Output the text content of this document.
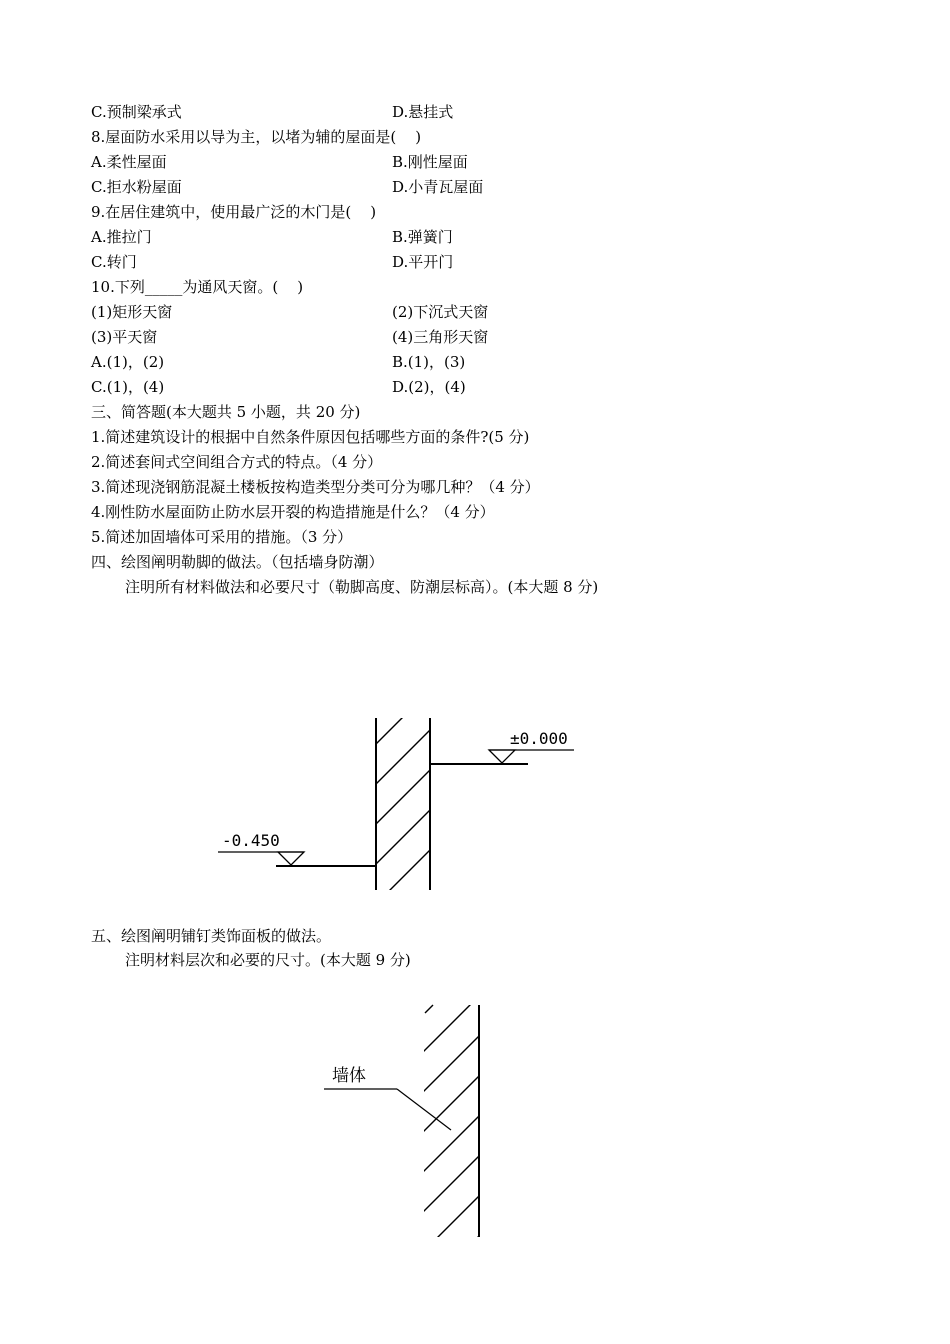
C.预制梁承式	D.悬挂式
8.屋面防水采用以导为主，以堵为辅的屋面是(    )
A.柔性屋面	B.刚性屋面
C.拒水粉屋面	D.小青瓦屋面
9.在居住建筑中，使用最广泛的木门是(    )
A.推拉门	B.弹簧门
C.转门	D.平开门
10.下列_____为通风天窗。(    )
(1)矩形天窗	(2)下沉式天窗
(3)平天窗	(4)三角形天窗
A.(1)，(2)	B.(1)，(3)
C.(1)，(4)	D.(2)，(4)
三、简答题(本大题共 5 小题，共 20 分)
1.简述建筑设计的根据中自然条件原因包括哪些方面的条件?(5 分)
2.简述套间式空间组合方式的特点。（4 分）
3.简述现浇钢筋混凝土楼板按构造类型分类可分为哪几种？（4 分）
4.刚性防水屋面防止防水层开裂的构造措施是什么？（4 分）
5.简述加固墙体可采用的措施。（3 分）
四、绘图阐明勒脚的做法。（包括墙身防潮）
注明所有材料做法和必要尺寸（勒脚高度、防潮层标高）。(本大题 8 分)
±0.000
-0.450
墙体
五、绘图阐明铺钉类饰面板的做法。
注明材料层次和必要的尺寸。(本大题 9 分)
